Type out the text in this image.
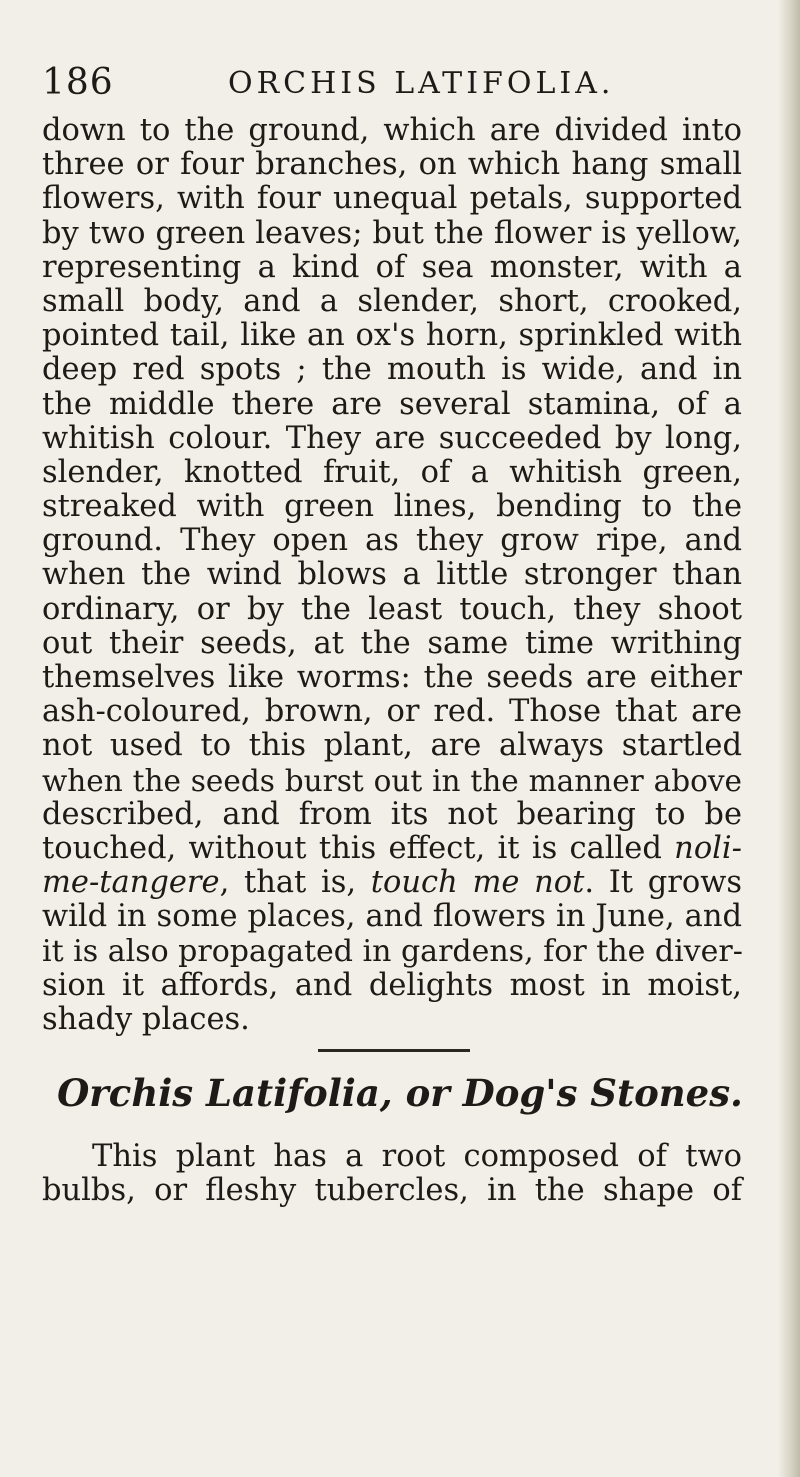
186	ORCHIS LATIFOLIA.
down to the ground, which are divided into
three or four branches, on which hang small
flowers, with four unequal petals, supported
by two green leaves; but the flower is yellow,
representing a kind of sea monster, with a
small body, and a slender, short, crooked,
pointed tail, like an ox's horn, sprinkled with
deep red spots ; the mouth is wide, and in
the middle there are several stamina, of a
whitish colour. They are succeeded by long,
slender, knotted fruit, of a whitish green,
streaked with green lines, bending to the
ground. They open as they grow ripe, and
when the wind blows a little stronger than
ordinary, or by the least touch, they shoot
out their seeds, at the same time writhing
themselves like worms: the seeds are either
ash-coloured, brown, or red. Those that are
not used to this plant, are always startled
when the seeds burst out in the manner above
described, and from its not bearing to be
touched, without this effect, it is called noli-
me-tangere, that is, touch me not. It grows
wild in some places, and flowers in June, and
it is also propagated in gardens, for the diver-
sion it affords, and delights most in moist,
shady places.
Orchis Latifolia, or Dog's Stones.
This plant has a root composed of two
bulbs, or fleshy tubercles, in the shape of
